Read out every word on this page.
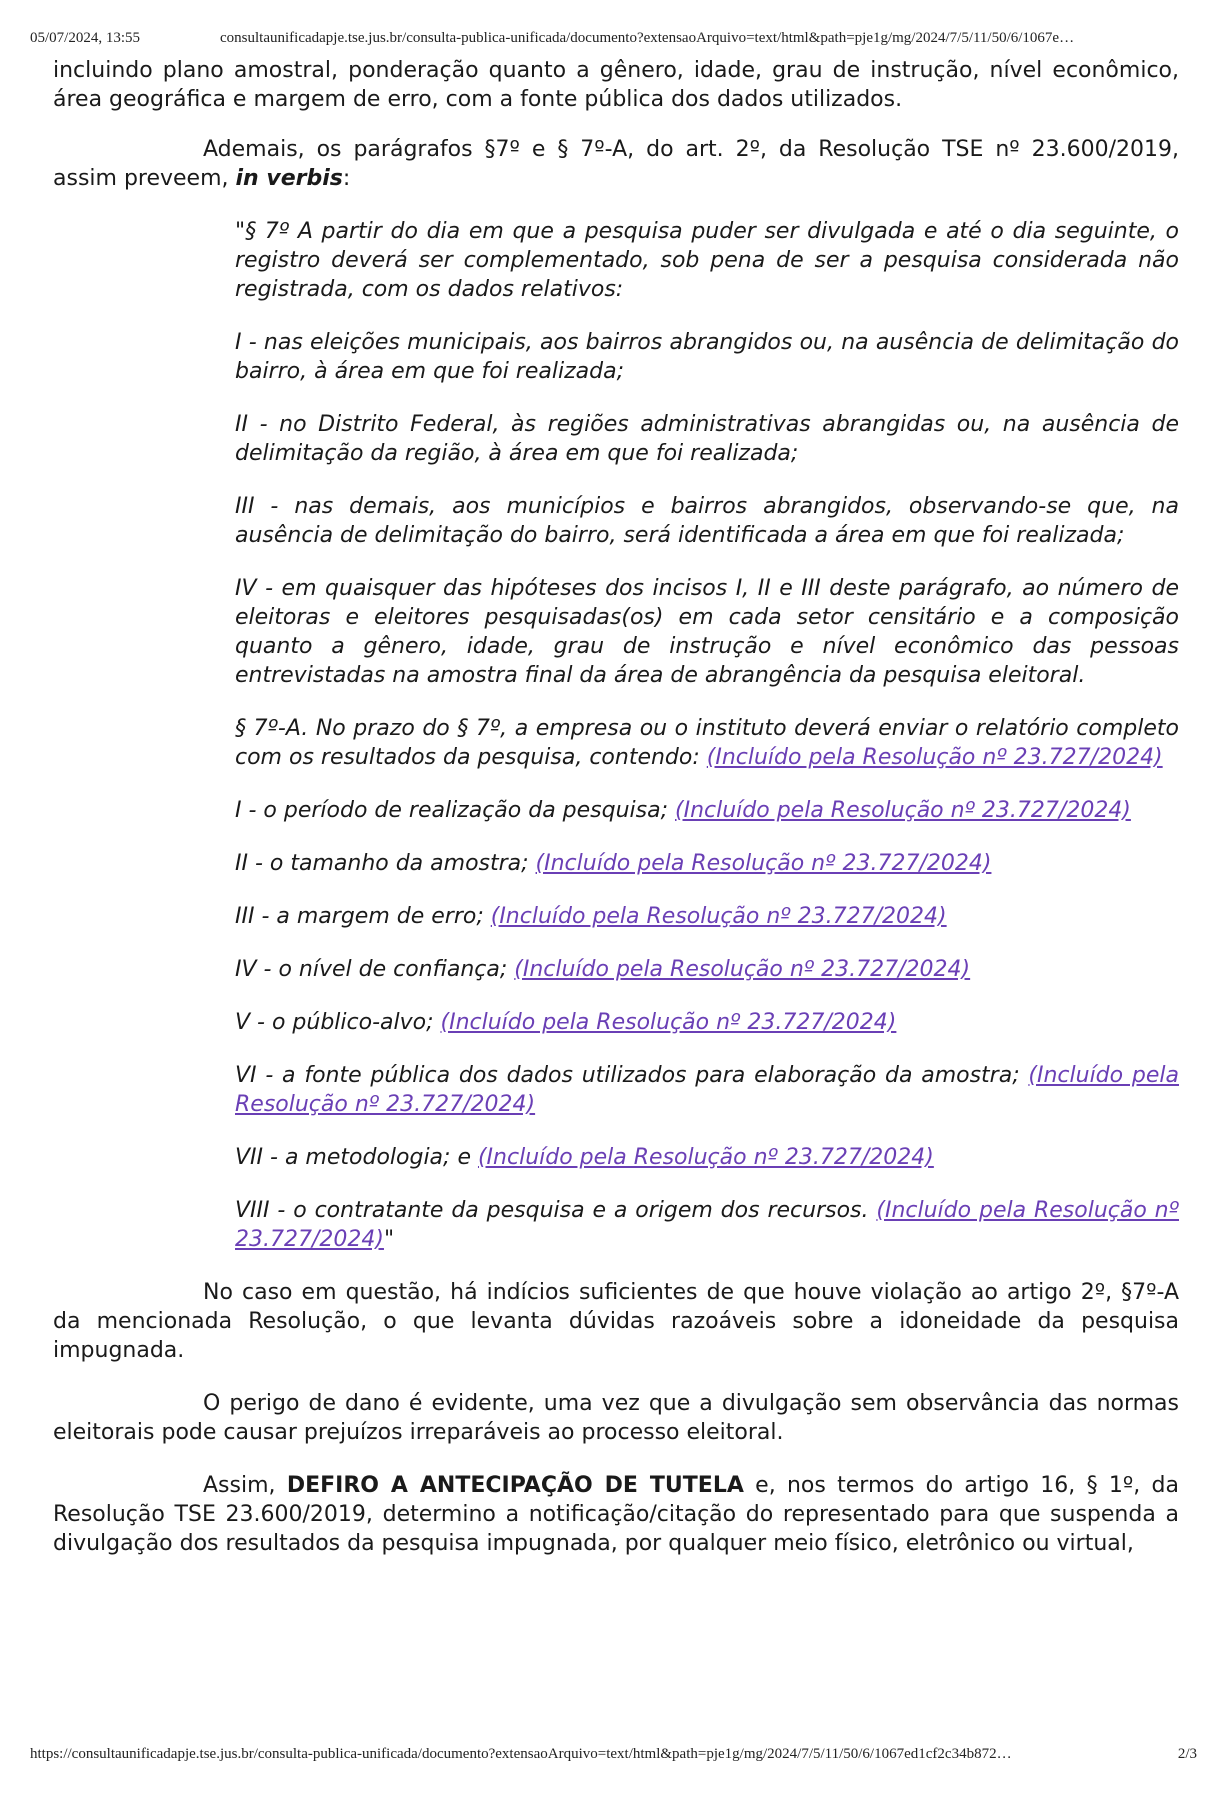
05/07/2024, 13:55	consultaunificadapje.tse.jus.br/consulta-publica-unificada/documento?extensaoArquivo=text/html&path=pje1g/mg/2024/7/5/11/50/6/1067e…

incluindo plano amostral, ponderação quanto a gênero, idade, grau de instrução, nível econômico, área geográfica e margem de erro, com a fonte pública dos dados utilizados.

Ademais, os parágrafos §7º e § 7º-A, do art. 2º, da Resolução TSE nº 23.600/2019, assim preveem, in verbis:

"§ 7º A partir do dia em que a pesquisa puder ser divulgada e até o dia seguinte, o registro deverá ser complementado, sob pena de ser a pesquisa considerada não registrada, com os dados relativos:

I - nas eleições municipais, aos bairros abrangidos ou, na ausência de delimitação do bairro, à área em que foi realizada;

II - no Distrito Federal, às regiões administrativas abrangidas ou, na ausência de delimitação da região, à área em que foi realizada;

III - nas demais, aos municípios e bairros abrangidos, observando-se que, na ausência de delimitação do bairro, será identificada a área em que foi realizada;

IV - em quaisquer das hipóteses dos incisos I, II e III deste parágrafo, ao número de eleitoras e eleitores pesquisadas(os) em cada setor censitário e a composição quanto a gênero, idade, grau de instrução e nível econômico das pessoas entrevistadas na amostra final da área de abrangência da pesquisa eleitoral.

§ 7º-A. No prazo do § 7º, a empresa ou o instituto deverá enviar o relatório completo com os resultados da pesquisa, contendo: (Incluído pela Resolução nº 23.727/2024)

I - o período de realização da pesquisa; (Incluído pela Resolução nº 23.727/2024)

II - o tamanho da amostra; (Incluído pela Resolução nº 23.727/2024)

III - a margem de erro; (Incluído pela Resolução nº 23.727/2024)

IV - o nível de confiança; (Incluído pela Resolução nº 23.727/2024)

V - o público-alvo; (Incluído pela Resolução nº 23.727/2024)

VI - a fonte pública dos dados utilizados para elaboração da amostra; (Incluído pela Resolução nº 23.727/2024)

VII - a metodologia; e (Incluído pela Resolução nº 23.727/2024)

VIII - o contratante da pesquisa e a origem dos recursos. (Incluído pela Resolução nº 23.727/2024)"

No caso em questão, há indícios suficientes de que houve violação ao artigo 2º, §7º-A da mencionada Resolução, o que levanta dúvidas razoáveis sobre a idoneidade da pesquisa impugnada.

O perigo de dano é evidente, uma vez que a divulgação sem observância das normas eleitorais pode causar prejuízos irreparáveis ao processo eleitoral.

Assim, DEFIRO A ANTECIPAÇÃO DE TUTELA e, nos termos do artigo 16, § 1º, da Resolução TSE 23.600/2019, determino a notificação/citação do representado para que suspenda a divulgação dos resultados da pesquisa impugnada, por qualquer meio físico, eletrônico ou virtual,

https://consultaunificadapje.tse.jus.br/consulta-publica-unificada/documento?extensaoArquivo=text/html&path=pje1g/mg/2024/7/5/11/50/6/1067ed1cf2c34b872…	2/3
